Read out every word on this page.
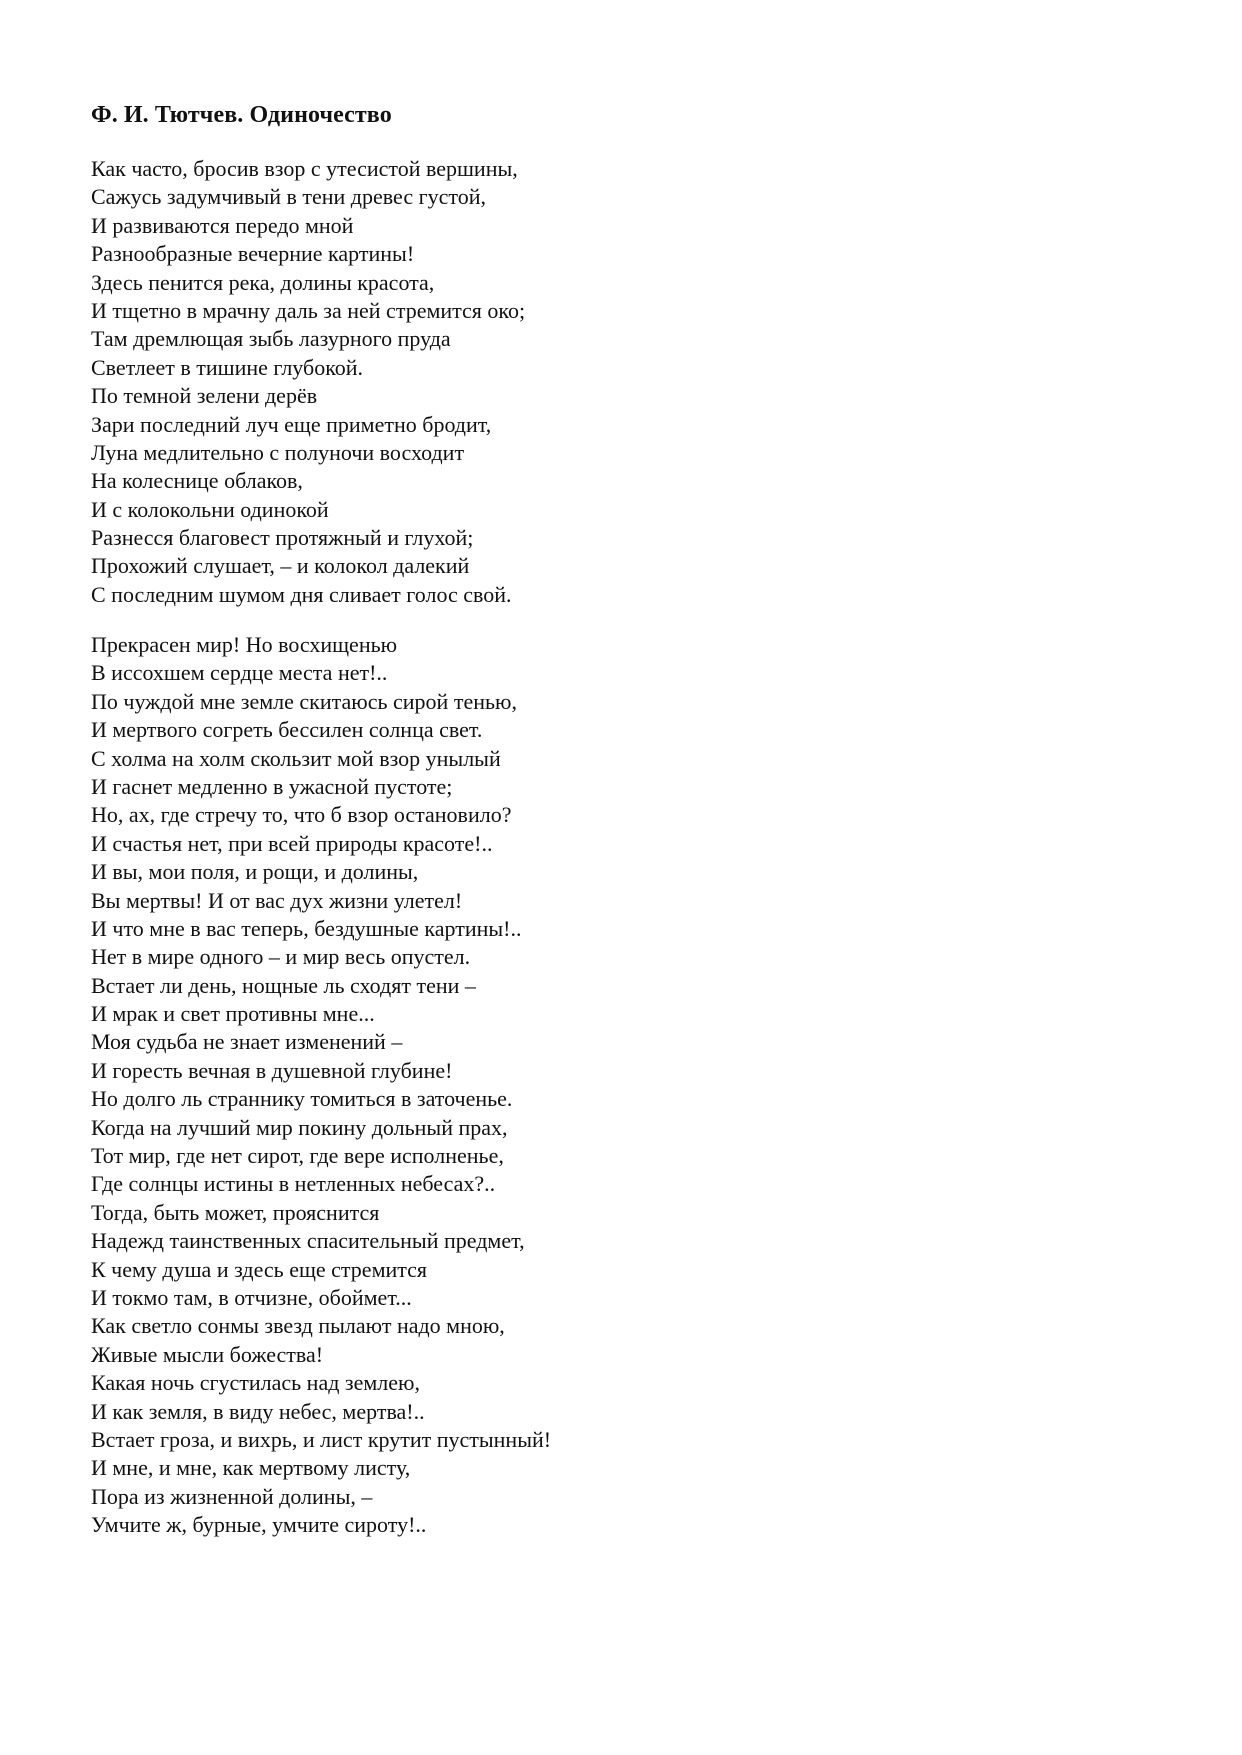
Ф. И. Тютчев. Одиночество
Как часто, бросив взор с утесистой вершины,
Сажусь задумчивый в тени древес густой,
И развиваются передо мной
Разнообразные вечерние картины!
Здесь пенится река, долины красота,
И тщетно в мрачну даль за ней стремится око;
Там дремлющая зыбь лазурного пруда
Светлеет в тишине глубокой.
По темной зелени дерёв
Зари последний луч еще приметно бродит,
Луна медлительно с полуночи восходит
На колеснице облаков,
И с колокольни одинокой
Разнесся благовест протяжный и глухой;
Прохожий слушает, – и колокол далекий
С последним шумом дня сливает голос свой.
Прекрасен мир! Но восхищенью
В иссохшем сердце места нет!..
По чуждой мне земле скитаюсь сирой тенью,
И мертвого согреть бессилен солнца свет.
С холма на холм скользит мой взор унылый
И гаснет медленно в ужасной пустоте;
Но, ах, где стречу то, что б взор остановило?
И счастья нет, при всей природы красоте!..
И вы, мои поля, и рощи, и долины,
Вы мертвы! И от вас дух жизни улетел!
И что мне в вас теперь, бездушные картины!..
Нет в мире одного – и мир весь опустел.
Встает ли день, нощные ль сходят тени –
И мрак и свет противны мне...
Моя судьба не знает изменений –
И горесть вечная в душевной глубине!
Но долго ль страннику томиться в заточенье.
Когда на лучший мир покину дольный прах,
Тот мир, где нет сирот, где вере исполненье,
Где солнцы истины в нетленных небесах?..
Тогда, быть может, прояснится
Надежд таинственных спасительный предмет,
К чему душа и здесь еще стремится
И токмо там, в отчизне, обоймет...
Как светло сонмы звезд пылают надо мною,
Живые мысли божества!
Какая ночь сгустилась над землею,
И как земля, в виду небес, мертва!..
Встает гроза, и вихрь, и лист крутит пустынный!
И мне, и мне, как мертвому листу,
Пора из жизненной долины, –
Умчите ж, бурные, умчите сироту!..
